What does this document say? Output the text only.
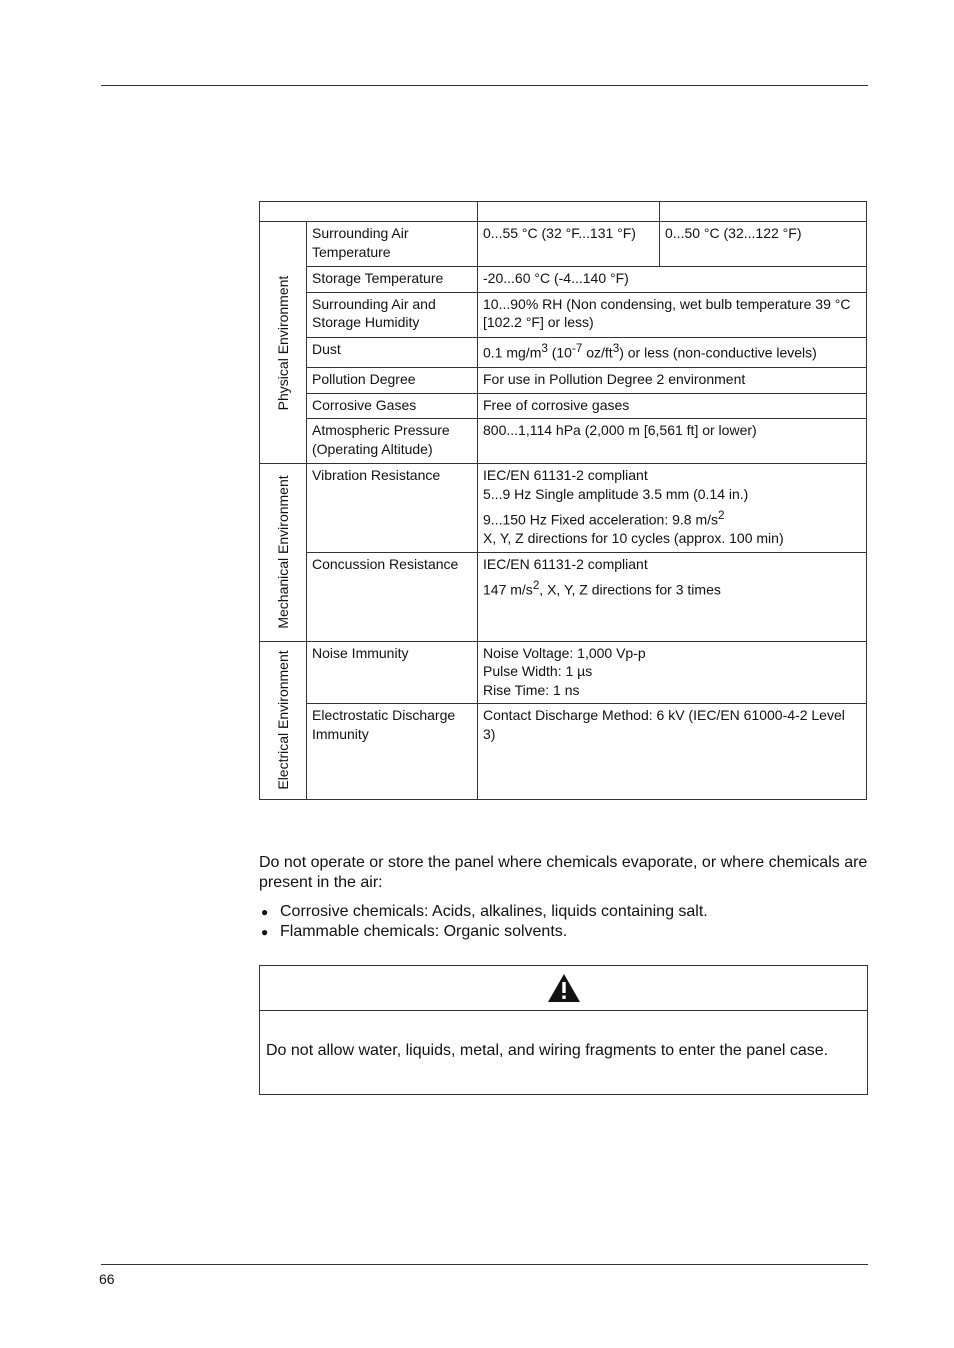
Physical Environment	Surrounding Air Temperature	0...55 °C (32 °F...131 °F)	0...50 °C (32...122 °F)
	Storage Temperature	-20...60 °C (-4...140 °F)	
	Surrounding Air and Storage Humidity	10...90% RH (Non condensing, wet bulb temperature 39 °C [102.2 °F] or less)	
	Dust	0.1 $mg/m^3$ ($10^{-7}$ $oz/ft^3$) or less (non-conductive levels)	
	Pollution Degree	For use in Pollution Degree 2 environment	
	Corrosive Gases	Free of corrosive gases	
	Atmospheric Pressure (Operating Altitude)	800...1,114 hPa (2,000 m [6,561 ft] or lower)	

Mechanical Environment	Vibration Resistance	IEC/EN 61131-2 compliant
5...9 Hz Single amplitude 3.5 mm (0.14 in.)
9...150 Hz Fixed acceleration: 9.8 $m/s^2$
X, Y, Z directions for 10 cycles (approx. 100 min)	

	Concussion Resistance	IEC/EN 61131-2 compliant
147 $m/s^2$, X, Y, Z directions for 3 times	

Electrical Environment	Noise Immunity	Noise Voltage: 1,000 Vp-p
Pulse Width: 1 µs
Rise Time: 1 ns	

	Electrostatic Discharge Immunity	Contact Discharge Method: 6 kV (IEC/EN 61000-4-2 Level 3)	

Do not operate or store the panel where chemicals evaporate, or where chemicals are present in the air:

● Corrosive chemicals: Acids, alkalines, liquids containing salt.
● Flammable chemicals: Organic solvents.
Do not allow water, liquids, metal, and wiring fragments to enter the panel case.
66
